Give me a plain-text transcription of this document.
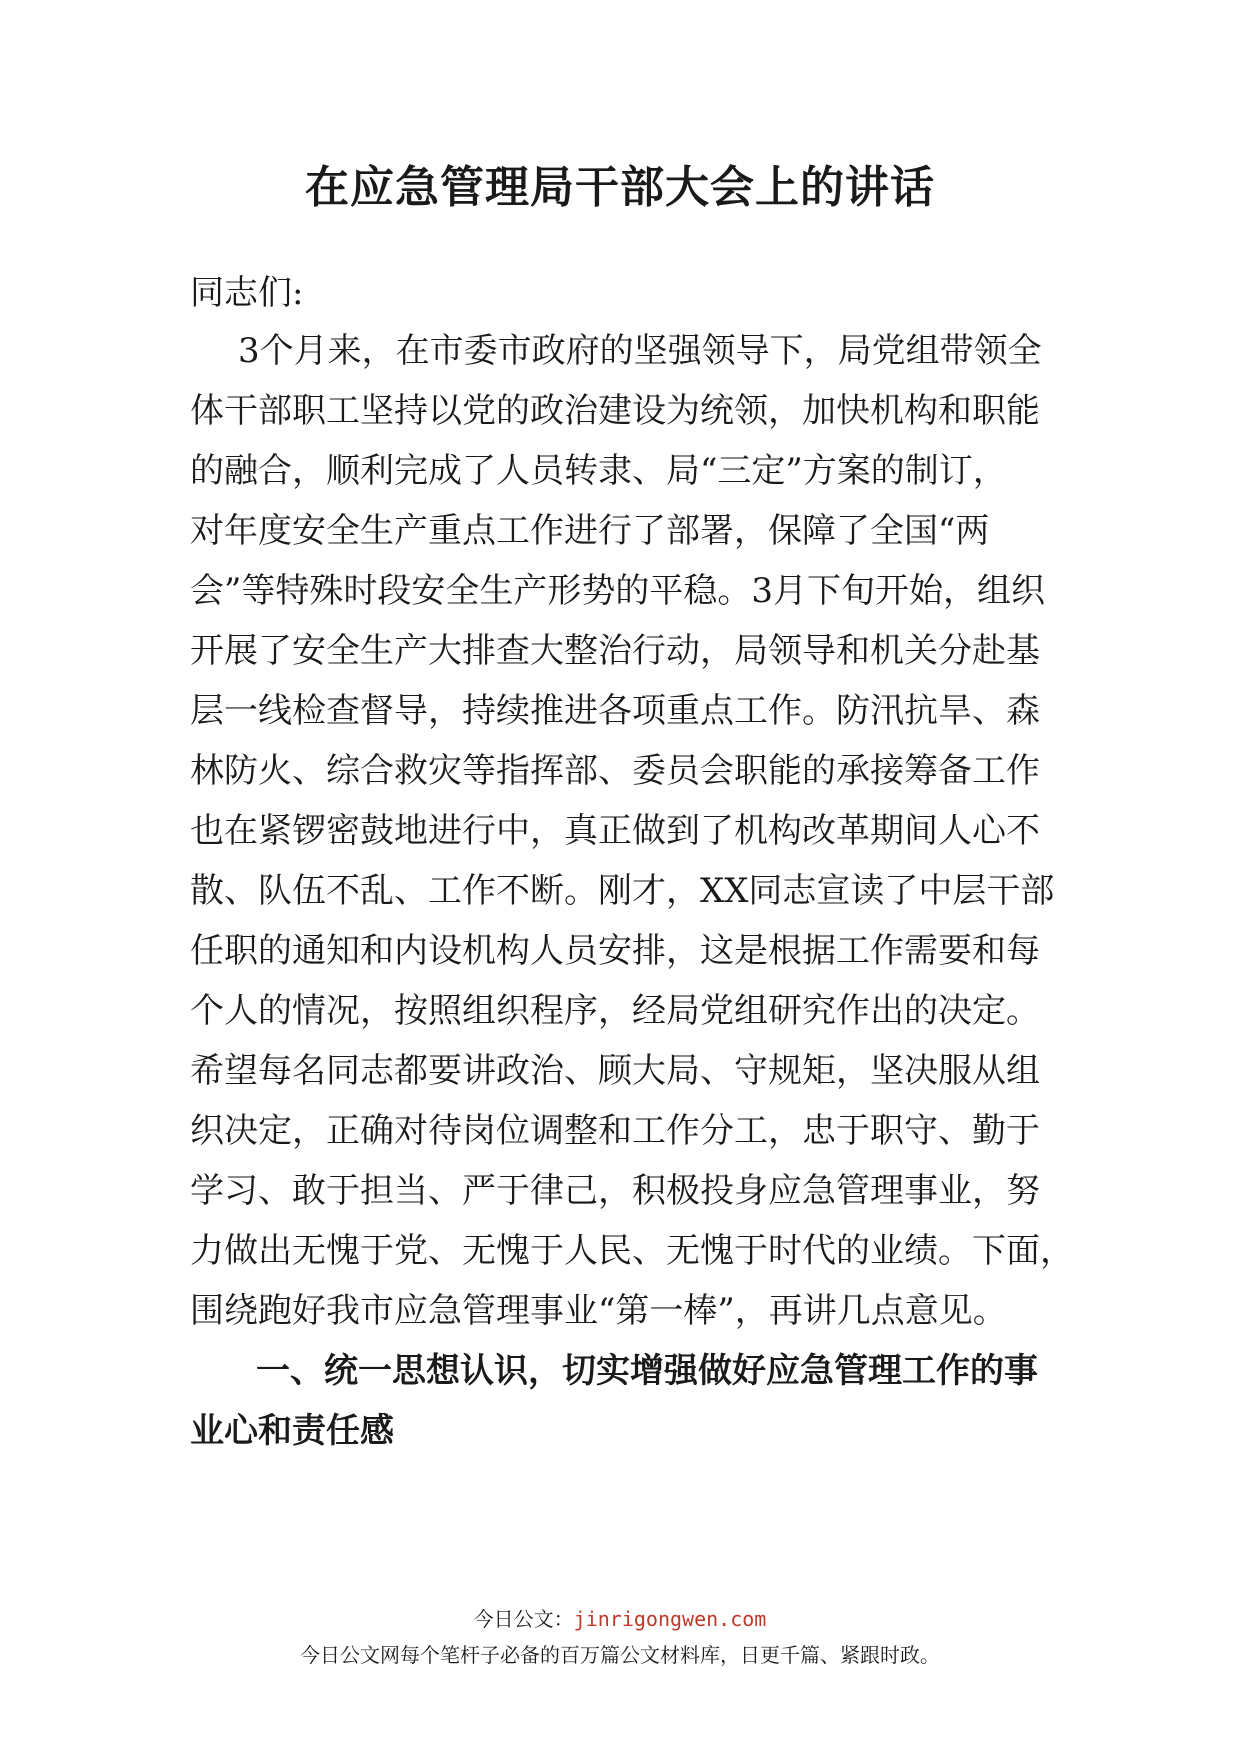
在应急管理局干部大会上的讲话

同志们:

3个月来，在市委市政府的坚强领导下，局党组带领全

体干部职工坚持以党的政治建设为统领，加快机构和职能

的融合，顺利完成了人员转隶、局“三定”方案的制订，

对年度安全生产重点工作进行了部署，保障了全国“两

会”等特殊时段安全生产形势的平稳。3月下旬开始，组织

开展了安全生产大排查大整治行动，局领导和机关分赴基

层一线检查督导，持续推进各项重点工作。防汛抗旱、森

林防火、综合救灾等指挥部、委员会职能的承接筹备工作

也在紧锣密鼓地进行中，真正做到了机构改革期间人心不

散、队伍不乱、工作不断。刚才，XX同志宣读了中层干部

任职的通知和内设机构人员安排，这是根据工作需要和每

个人的情况，按照组织程序，经局党组研究作出的决定。

希望每名同志都要讲政治、顾大局、守规矩，坚决服从组

织决定，正确对待岗位调整和工作分工，忠于职守、勤于

学习、敢于担当、严于律己，积极投身应急管理事业，努

力做出无愧于党、无愧于人民、无愧于时代的业绩。下面，

围绕跑好我市应急管理事业“第一棒”，再讲几点意见。

一、统一思想认识，切实增强做好应急管理工作的事

业心和责任感

今日公文：jinrigongwen.com

今日公文网每个笔杆子必备的百万篇公文材料库，日更千篇、紧跟时政。
